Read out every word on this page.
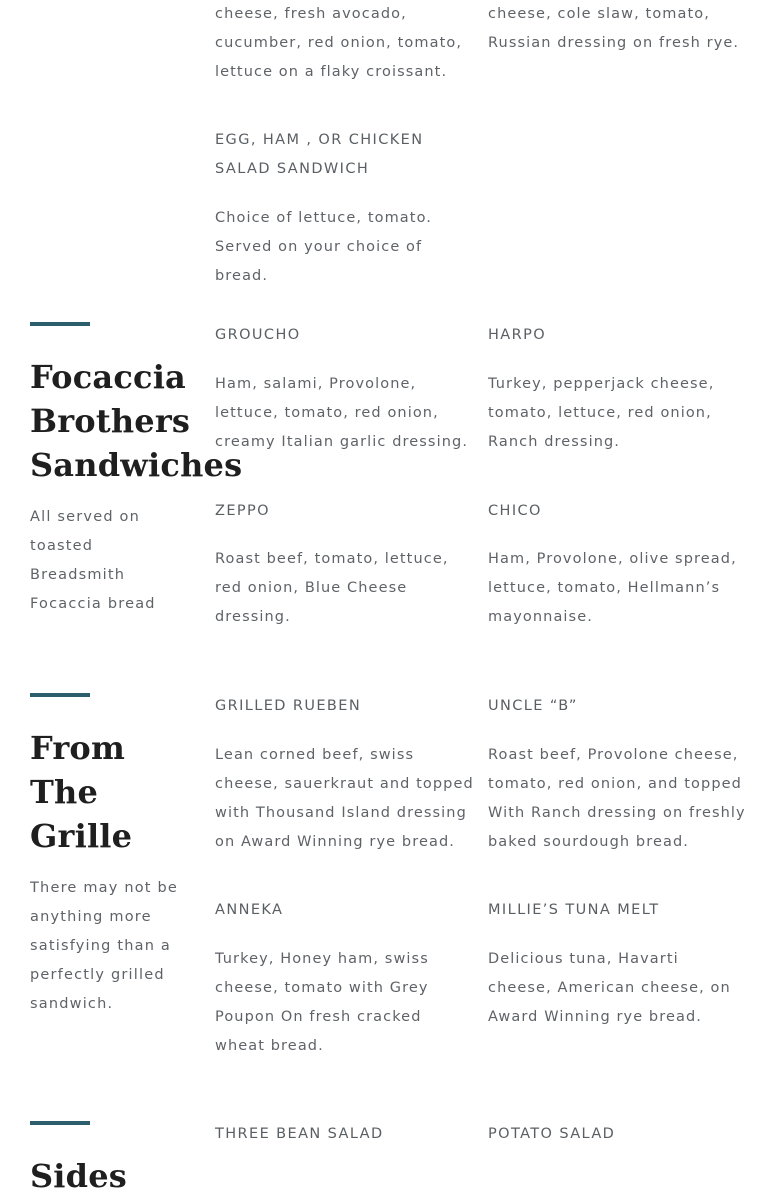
cheese, fresh avocado, cucumber, red onion, tomato, lettuce on a flaky croissant.

cheese, cole slaw, tomato, Russian dressing on fresh rye.

EGG, HAM , OR CHICKEN SALAD SANDWICH

Choice of lettuce, tomato. Served on your choice of bread.

Focaccia Brothers Sandwiches

All served on toasted Breadsmith Focaccia bread

GROUCHO

Ham, salami, Provolone, lettuce, tomato, red onion, creamy Italian garlic dressing.

HARPO

Turkey, pepperjack cheese, tomato, lettuce, red onion, Ranch dressing.

ZEPPO

Roast beef, tomato, lettuce, red onion, Blue Cheese dressing.

CHICO

Ham, Provolone, olive spread, lettuce, tomato, Hellmann’s mayonnaise.

From The Grille

There may not be anything more satisfying than a perfectly grilled sandwich.

GRILLED RUEBEN

Lean corned beef, swiss cheese, sauerkraut and topped with Thousand Island dressing on Award Winning rye bread.

UNCLE “B”

Roast beef, Provolone cheese, tomato, red onion, and topped With Ranch dressing on freshly baked sourdough bread.

ANNEKA

Turkey, Honey ham, swiss cheese, tomato with Grey Poupon On fresh cracked wheat bread.

MILLIE’S TUNA MELT

Delicious tuna, Havarti cheese, American cheese, on Award Winning rye bread.

Sides

THREE BEAN SALAD	POTATO SALAD
